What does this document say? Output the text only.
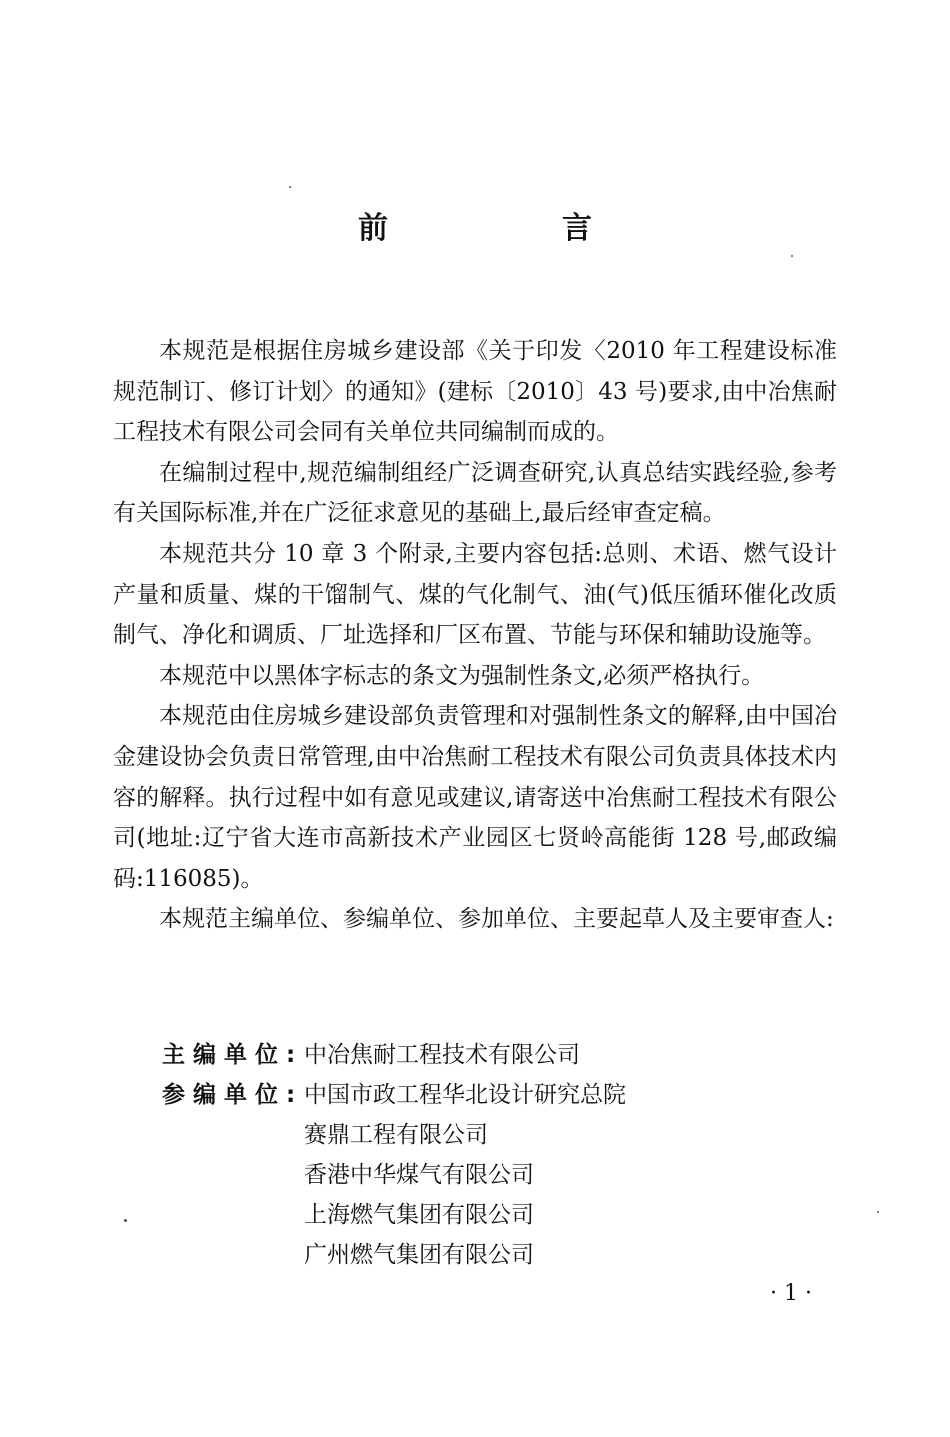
前　言

本规范是根据住房城乡建设部《关于印发〈2010 年工程建设标准规范制订、修订计划〉的通知》(建标〔2010〕43 号)要求,由中冶焦耐工程技术有限公司会同有关单位共同编制而成的。

在编制过程中,规范编制组经广泛调查研究,认真总结实践经验,参考有关国际标准,并在广泛征求意见的基础上,最后经审查定稿。

本规范共分 10 章 3 个附录,主要内容包括:总则、术语、燃气设计产量和质量、煤的干馏制气、煤的气化制气、油(气)低压循环催化改质制气、净化和调质、厂址选择和厂区布置、节能与环保和辅助设施等。

本规范中以黑体字标志的条文为强制性条文,必须严格执行。

本规范由住房城乡建设部负责管理和对强制性条文的解释,由中国冶金建设协会负责日常管理,由中冶焦耐工程技术有限公司负责具体技术内容的解释。执行过程中如有意见或建议,请寄送中冶焦耐工程技术有限公司(地址:辽宁省大连市高新技术产业园区七贤岭高能街 128 号,邮政编码:116085)。

本规范主编单位、参编单位、参加单位、主要起草人及主要审查人:

主编单位: 中冶焦耐工程技术有限公司
参编单位: 中国市政工程华北设计研究总院
赛鼎工程有限公司
香港中华煤气有限公司
上海燃气集团有限公司
广州燃气集团有限公司
· 1 ·
